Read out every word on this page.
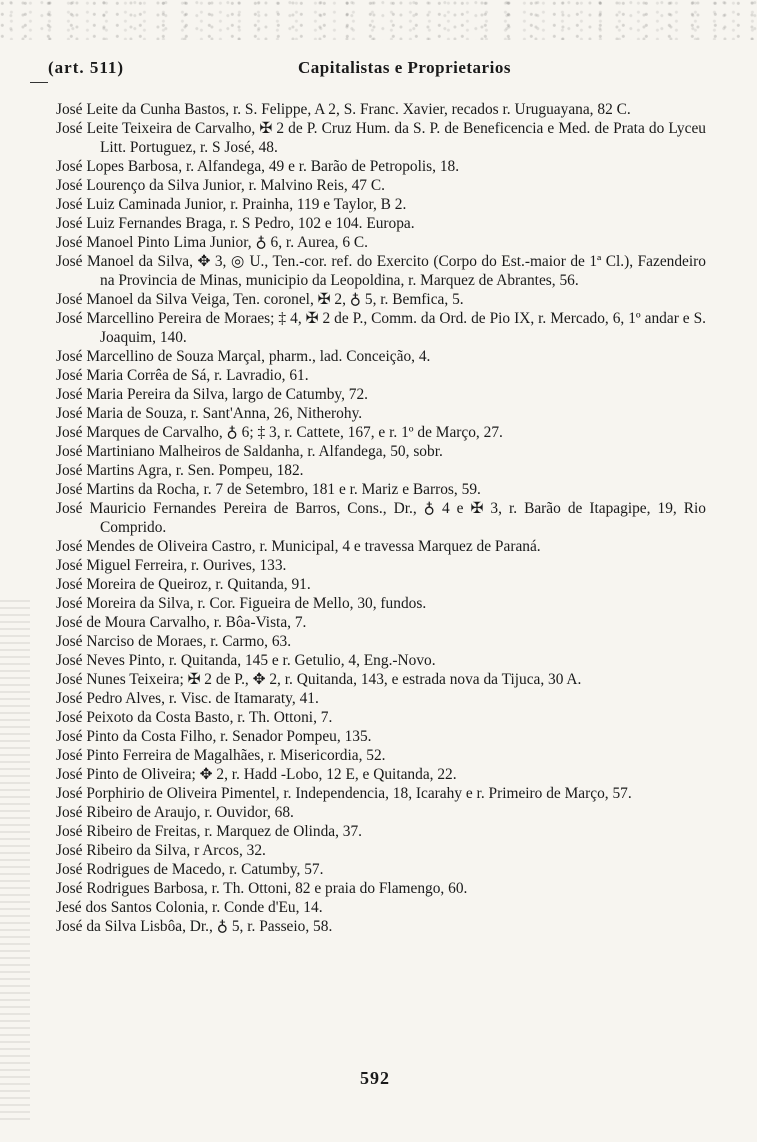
(art. 511)	Capitalistas e Proprietarios
José Leite da Cunha Bastos, r. S. Felippe, A 2, S. Franc. Xavier, recados r. Uruguayana, 82 C.
José Leite Teixeira de Carvalho, ✠ 2 de P. Cruz Hum. da S. P. de Beneficencia e Med. de Prata do Lyceu Litt. Portuguez, r. S José, 48.
José Lopes Barbosa, r. Alfandega, 49 e r. Barão de Petropolis, 18.
José Lourenço da Silva Junior, r. Malvino Reis, 47 C.
José Luiz Caminada Junior, r. Prainha, 119 e Taylor, B 2.
José Luiz Fernandes Braga, r. S Pedro, 102 e 104. Europa.
José Manoel Pinto Lima Junior, ♁ 6, r. Aurea, 6 C.
José Manoel da Silva, ✥ 3, ◎ U., Ten.-cor. ref. do Exercito (Corpo do Est.-maior de 1ª Cl.), Fazendeiro na Provincia de Minas, municipio da Leopoldina, r. Marquez de Abrantes, 56.
José Manoel da Silva Veiga, Ten. coronel, ✠ 2, ♁ 5, r. Bemfica, 5.
José Marcellino Pereira de Moraes; ‡ 4, ✠ 2 de P., Comm. da Ord. de Pio IX, r. Mercado, 6, 1º andar e S. Joaquim, 140.
José Marcellino de Souza Marçal, pharm., lad. Conceição, 4.
José Maria Corrêa de Sá, r. Lavradio, 61.
José Maria Pereira da Silva, largo de Catumby, 72.
José Maria de Souza, r. Sant'Anna, 26, Nitherohy.
José Marques de Carvalho, ♁ 6; ‡ 3, r. Cattete, 167, e r. 1º de Março, 27.
José Martiniano Malheiros de Saldanha, r. Alfandega, 50, sobr.
José Martins Agra, r. Sen. Pompeu, 182.
José Martins da Rocha, r. 7 de Setembro, 181 e r. Mariz e Barros, 59.
José Mauricio Fernandes Pereira de Barros, Cons., Dr., ♁ 4 e ✠ 3, r. Barão de Itapagipe, 19, Rio Comprido.
José Mendes de Oliveira Castro, r. Municipal, 4 e travessa Marquez de Paraná.
José Miguel Ferreira, r. Ourives, 133.
José Moreira de Queiroz, r. Quitanda, 91.
José Moreira da Silva, r. Cor. Figueira de Mello, 30, fundos.
José de Moura Carvalho, r. Bôa-Vista, 7.
José Narciso de Moraes, r. Carmo, 63.
José Neves Pinto, r. Quitanda, 145 e r. Getulio, 4, Eng.-Novo.
José Nunes Teixeira; ✠ 2 de P., ✥ 2, r. Quitanda, 143, e estrada nova da Tijuca, 30 A.
José Pedro Alves, r. Visc. de Itamaraty, 41.
José Peixoto da Costa Basto, r. Th. Ottoni, 7.
José Pinto da Costa Filho, r. Senador Pompeu, 135.
José Pinto Ferreira de Magalhães, r. Misericordia, 52.
José Pinto de Oliveira; ✥ 2, r. Hadd -Lobo, 12 E, e Quitanda, 22.
José Porphirio de Oliveira Pimentel, r. Independencia, 18, Icarahy e r. Primeiro de Março, 57.
José Ribeiro de Araujo, r. Ouvidor, 68.
José Ribeiro de Freitas, r. Marquez de Olinda, 37.
José Ribeiro da Silva, r Arcos, 32.
José Rodrigues de Macedo, r. Catumby, 57.
José Rodrigues Barbosa, r. Th. Ottoni, 82 e praia do Flamengo, 60.
Jesé dos Santos Colonia, r. Conde d'Eu, 14.
José da Silva Lisbôa, Dr., ♁ 5, r. Passeio, 58.
592
